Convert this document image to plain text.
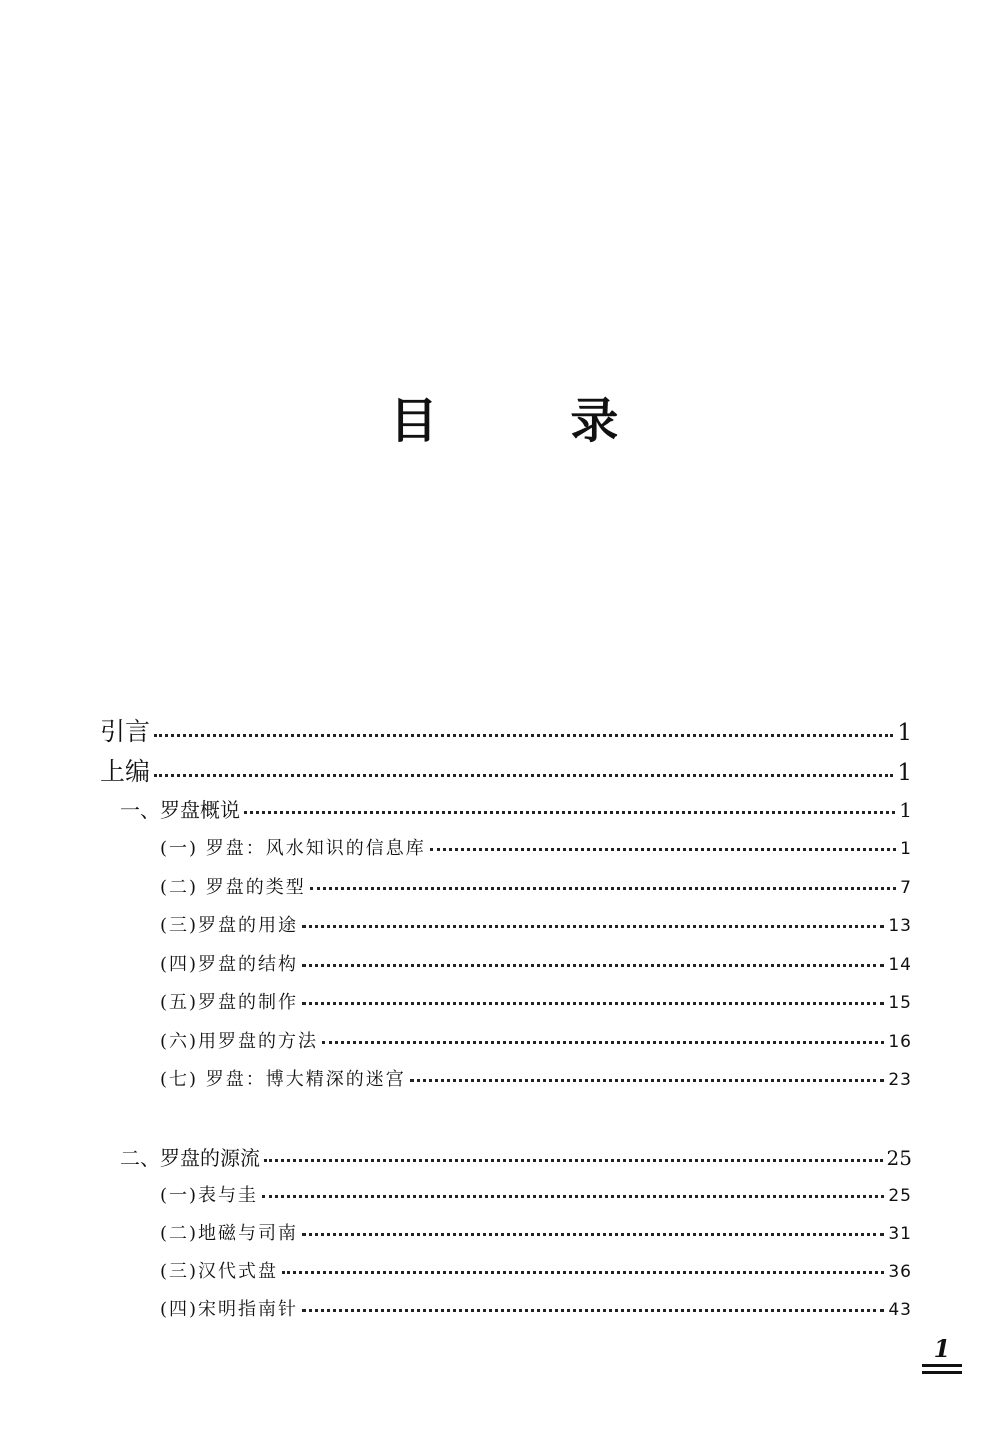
目 录
引言	1
上编	1
一、罗盘概说	1
(一) 罗盘：风水知识的信息库	1
(二) 罗盘的类型	7
(三)罗盘的用途	13
(四)罗盘的结构	14
(五)罗盘的制作	15
(六)用罗盘的方法	16
(七) 罗盘：博大精深的迷宫	23
二、罗盘的源流	25
(一)表与圭	25
(二)地磁与司南	31
(三)汉代式盘	36
(四)宋明指南针	43
1
